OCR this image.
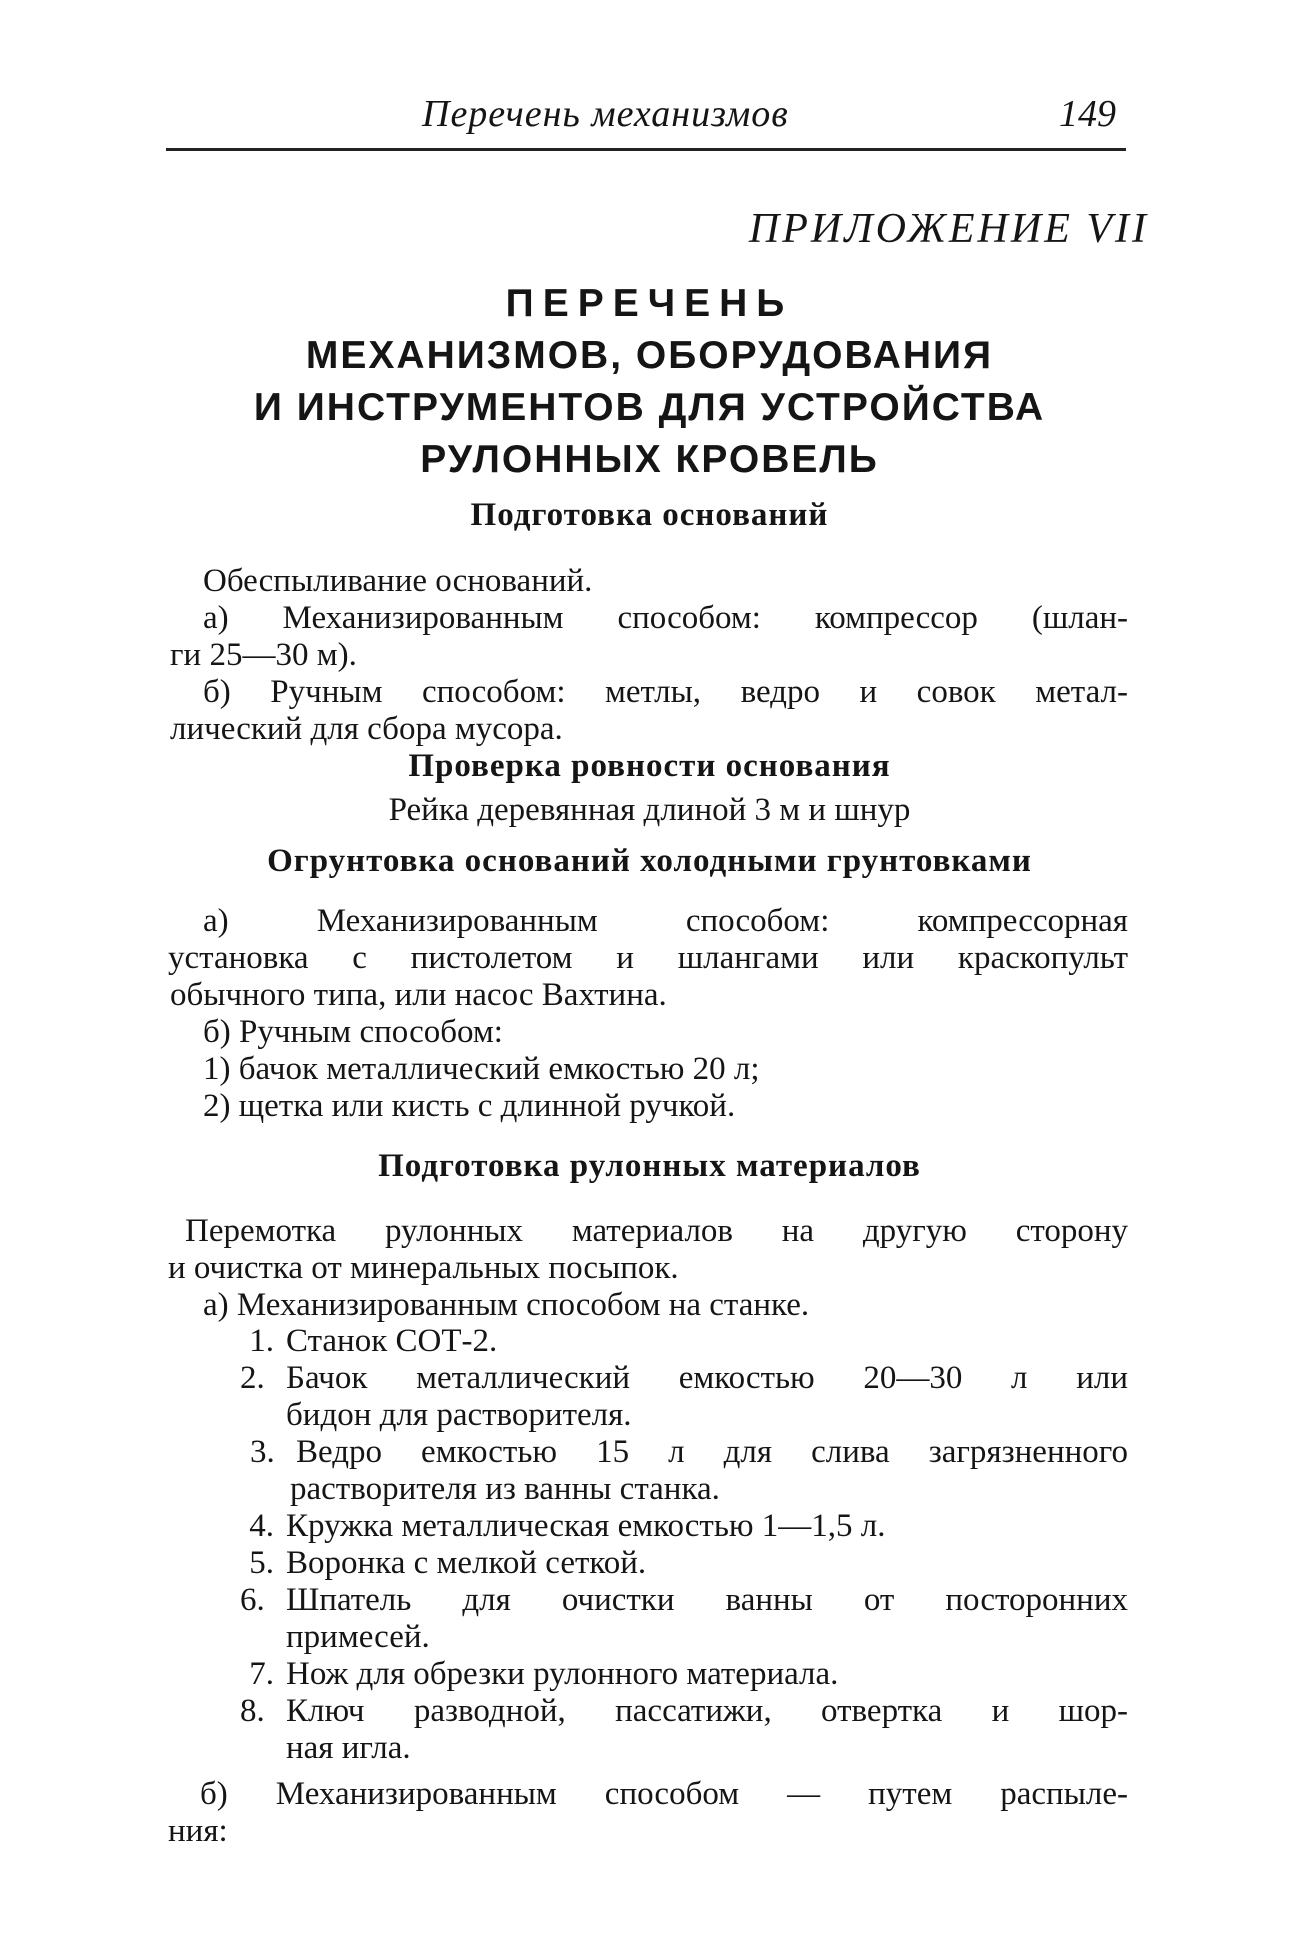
Перечень механизмов	149
ПРИЛОЖЕНИЕ VII
ПЕРЕЧЕНЬ
МЕХАНИЗМОВ, ОБОРУДОВАНИЯ
И ИНСТРУМЕНТОВ ДЛЯ УСТРОЙСТВА
РУЛОННЫХ КРОВЕЛЬ
Подготовка оснований
Обеспыливание оснований.
а) Механизированным способом: компрессор (шлан-
ги 25—30 м).
б) Ручным способом: метлы, ведро и совок метал-
лический для сбора мусора.
Проверка ровности основания
Рейка деревянная длиной 3 м и шнур
Огрунтовка оснований холодными грунтовками
а) Механизированным способом: компрессорная
установка с пистолетом и шлангами или краскопульт
обычного типа, или насос Вахтина.
б) Ручным способом:
1) бачок металлический емкостью 20 л;
2) щетка или кисть с длинной ручкой.
Подготовка рулонных материалов
Перемотка рулонных материалов на другую сторону
и очистка от минеральных посыпок.
а) Механизированным способом на станке.
1. Станок СОТ-2.
2. Бачок металлический емкостью 20—30 л или
бидон для растворителя.
3. Ведро емкостью 15 л для слива загрязненного
растворителя из ванны станка.
4. Кружка металлическая емкостью 1—1,5 л.
5. Воронка с мелкой сеткой.
6. Шпатель для очистки ванны от посторонних
примесей.
7. Нож для обрезки рулонного материала.
8. Ключ разводной, пассатижи, отвертка и шор-
ная игла.
б) Механизированным способом — путем распыле-
ния:
